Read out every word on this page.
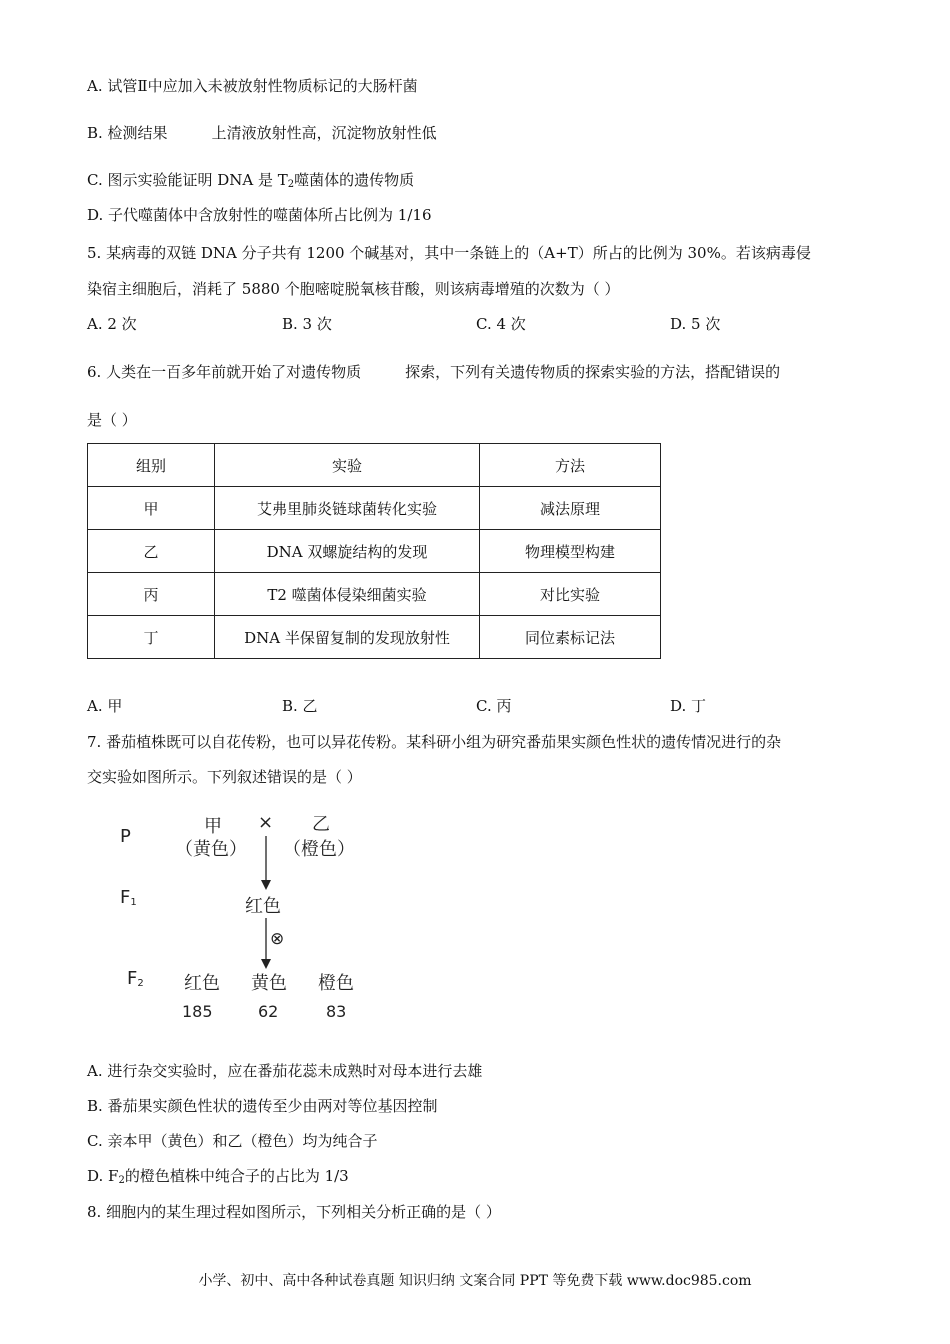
A. 试管Ⅱ中应加入未被放射性物质标记的大肠杆菌
B. 检测结果	上清液放射性高，沉淀物放射性低
C. 图示实验能证明 DNA 是 $T_2$噬菌体的遗传物质
D. 子代噬菌体中含放射性的噬菌体所占比例为 1/16
5. 某病毒的双链 DNA 分子共有 1200 个碱基对，其中一条链上的（A+T）所占的比例为 30%。若该病毒侵
染宿主细胞后，消耗了 5880 个胞嘧啶脱氧核苷酸，则该病毒增殖的次数为（ ）
A. 2 次	B. 3 次	C. 4 次	D. 5 次
6. 人类在一百多年前就开始了对遗传物质	探索，下列有关遗传物质的探索实验的方法，搭配错误的
是（ ）
组别	实验	方法
甲	艾弗里肺炎链球菌转化实验	减法原理
乙	DNA 双螺旋结构的发现	物理模型构建
丙	T2 噬菌体侵染细菌实验	对比实验
丁	DNA 半保留复制的发现放射性	同位素标记法
A. 甲	B. 乙	C. 丙	D. 丁
7. 番茄植株既可以自花传粉，也可以异花传粉。某科研小组为研究番茄果实颜色性状的遗传情况进行的杂
交实验如图所示。下列叙述错误的是（ ）
P	甲
（黄色）
× 乙
（橙色）
$F_1$	红色
⊗
$F_2$ 红色 黄色 橙色
185	62	83
A. 进行杂交实验时，应在番茄花蕊未成熟时对母本进行去雄
B. 番茄果实颜色性状的遗传至少由两对等位基因控制
C. 亲本甲（黄色）和乙（橙色）均为纯合子
D. $F_2$的橙色植株中纯合子的占比为 1/3
8. 细胞内的某生理过程如图所示，下列相关分析正确的是（ ）
小学、初中、高中各种试卷真题 知识归纳 文案合同 PPT 等免费下载 www.doc985.com
